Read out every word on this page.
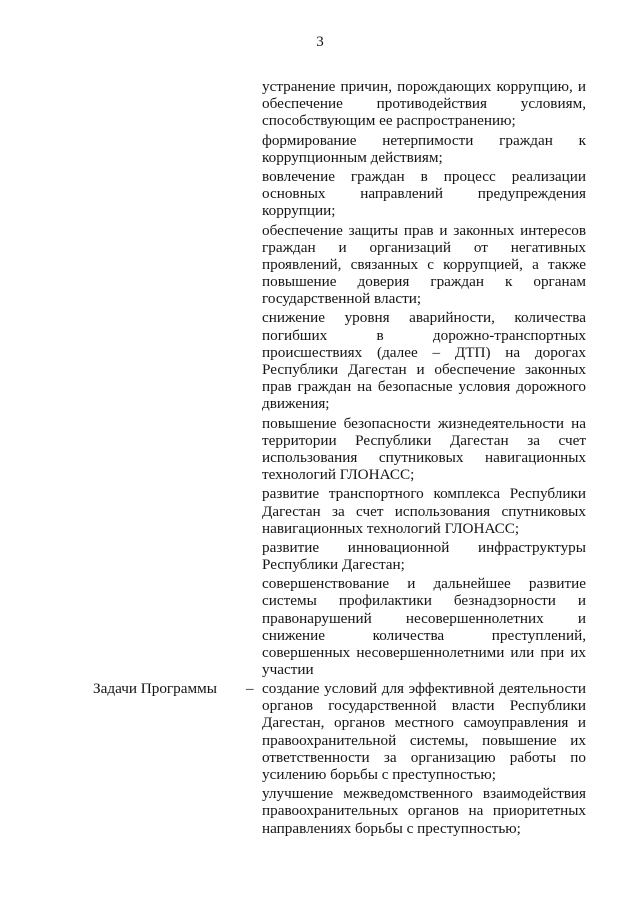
3
устранение причин, порождающих коррупцию, и
обеспечение противодействия условиям,
способствующим ее распространению;
формирование нетерпимости граждан к
коррупционным действиям;
вовлечение граждан в процесс реализации
основных направлений предупреждения
коррупции;
обеспечение защиты прав и законных интересов
граждан и организаций от негативных
проявлений, связанных с коррупцией, а также
повышение доверия граждан к органам
государственной власти;
снижение уровня аварийности, количества
погибших в дорожно-транспортных
происшествиях (далее – ДТП) на дорогах
Республики Дагестан и обеспечение законных
прав граждан на безопасные условия дорожного
движения;
повышение безопасности жизнедеятельности на
территории Республики Дагестан за счет
использования спутниковых навигационных
технологий ГЛОНАСС;
развитие транспортного комплекса Республики
Дагестан за счет использования спутниковых
навигационных технологий ГЛОНАСС;
развитие инновационной инфраструктуры
Республики Дагестан;
совершенствование и дальнейшее развитие
системы профилактики безнадзорности и
правонарушений несовершеннолетних и
снижение количества преступлений,
совершенных несовершеннолетними или при их
участии
Задачи Программы – создание условий для эффективной деятельности
органов государственной власти Республики
Дагестан, органов местного самоуправления и
правоохранительной системы, повышение их
ответственности за организацию работы по
усилению борьбы с преступностью;
улучшение межведомственного взаимодействия
правоохранительных органов на приоритетных
направлениях борьбы с преступностью;
